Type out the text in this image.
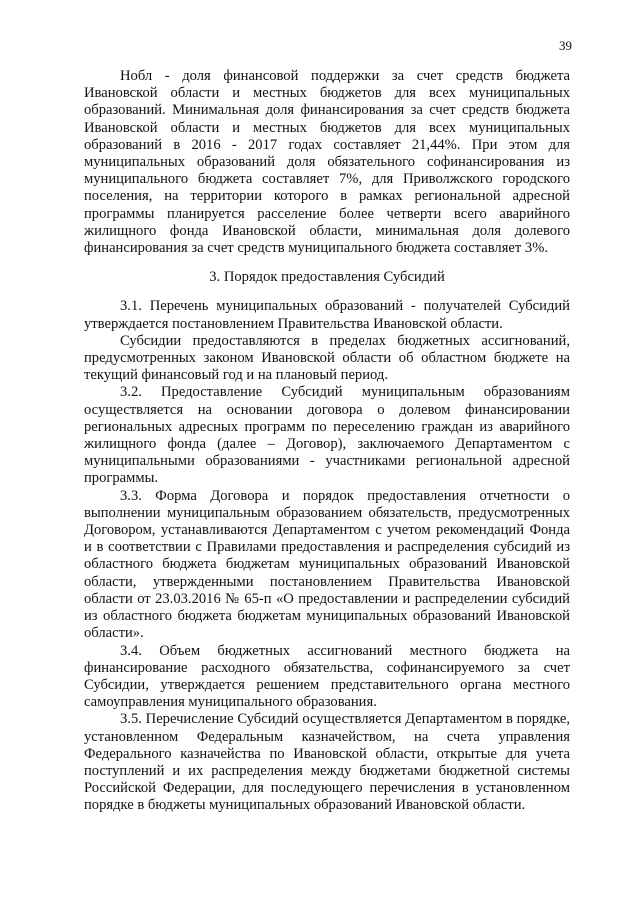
39

Нобл - доля финансовой поддержки за счет средств бюджета Ивановской области и местных бюджетов для всех муниципальных образований. Минимальная доля финансирования за счет средств бюджета Ивановской области и местных бюджетов для всех муниципальных образований в 2016 - 2017 годах составляет 21,44%. При этом для муниципальных образований доля обязательного софинансирования из муниципального бюджета составляет 7%, для Приволжского городского поселения, на территории которого в рамках региональной адресной программы планируется расселение более четверти всего аварийного жилищного фонда Ивановской области, минимальная доля долевого финансирования за счет средств муниципального бюджета составляет 3%.

3. Порядок предоставления Субсидий

3.1. Перечень муниципальных образований - получателей Субсидий утверждается постановлением Правительства Ивановской области.

Субсидии предоставляются в пределах бюджетных ассигнований, предусмотренных законом Ивановской области об областном бюджете на текущий финансовый год и на плановый период.

3.2. Предоставление Субсидий муниципальным образованиям осуществляется на основании договора о долевом финансировании региональных адресных программ по переселению граждан из аварийного жилищного фонда (далее – Договор), заключаемого Департаментом с муниципальными образованиями - участниками региональной адресной программы.

3.3. Форма Договора и порядок предоставления отчетности о выполнении муниципальным образованием обязательств, предусмотренных Договором, устанавливаются Департаментом с учетом рекомендаций Фонда и в соответствии с Правилами предоставления и распределения субсидий из областного бюджета бюджетам муниципальных образований Ивановской области, утвержденными постановлением Правительства Ивановской области от 23.03.2016 № 65-п «О предоставлении и распределении субсидий из областного бюджета бюджетам муниципальных образований Ивановской области».

3.4. Объем бюджетных ассигнований местного бюджета на финансирование расходного обязательства, софинансируемого за счет Субсидии, утверждается решением представительного органа местного самоуправления муниципального образования.

3.5. Перечисление Субсидий осуществляется Департаментом в порядке, установленном Федеральным казначейством, на счета управления Федерального казначейства по Ивановской области, открытые для учета поступлений и их распределения между бюджетами бюджетной системы Российской Федерации, для последующего перечисления в установленном порядке в бюджеты муниципальных образований Ивановской области.
